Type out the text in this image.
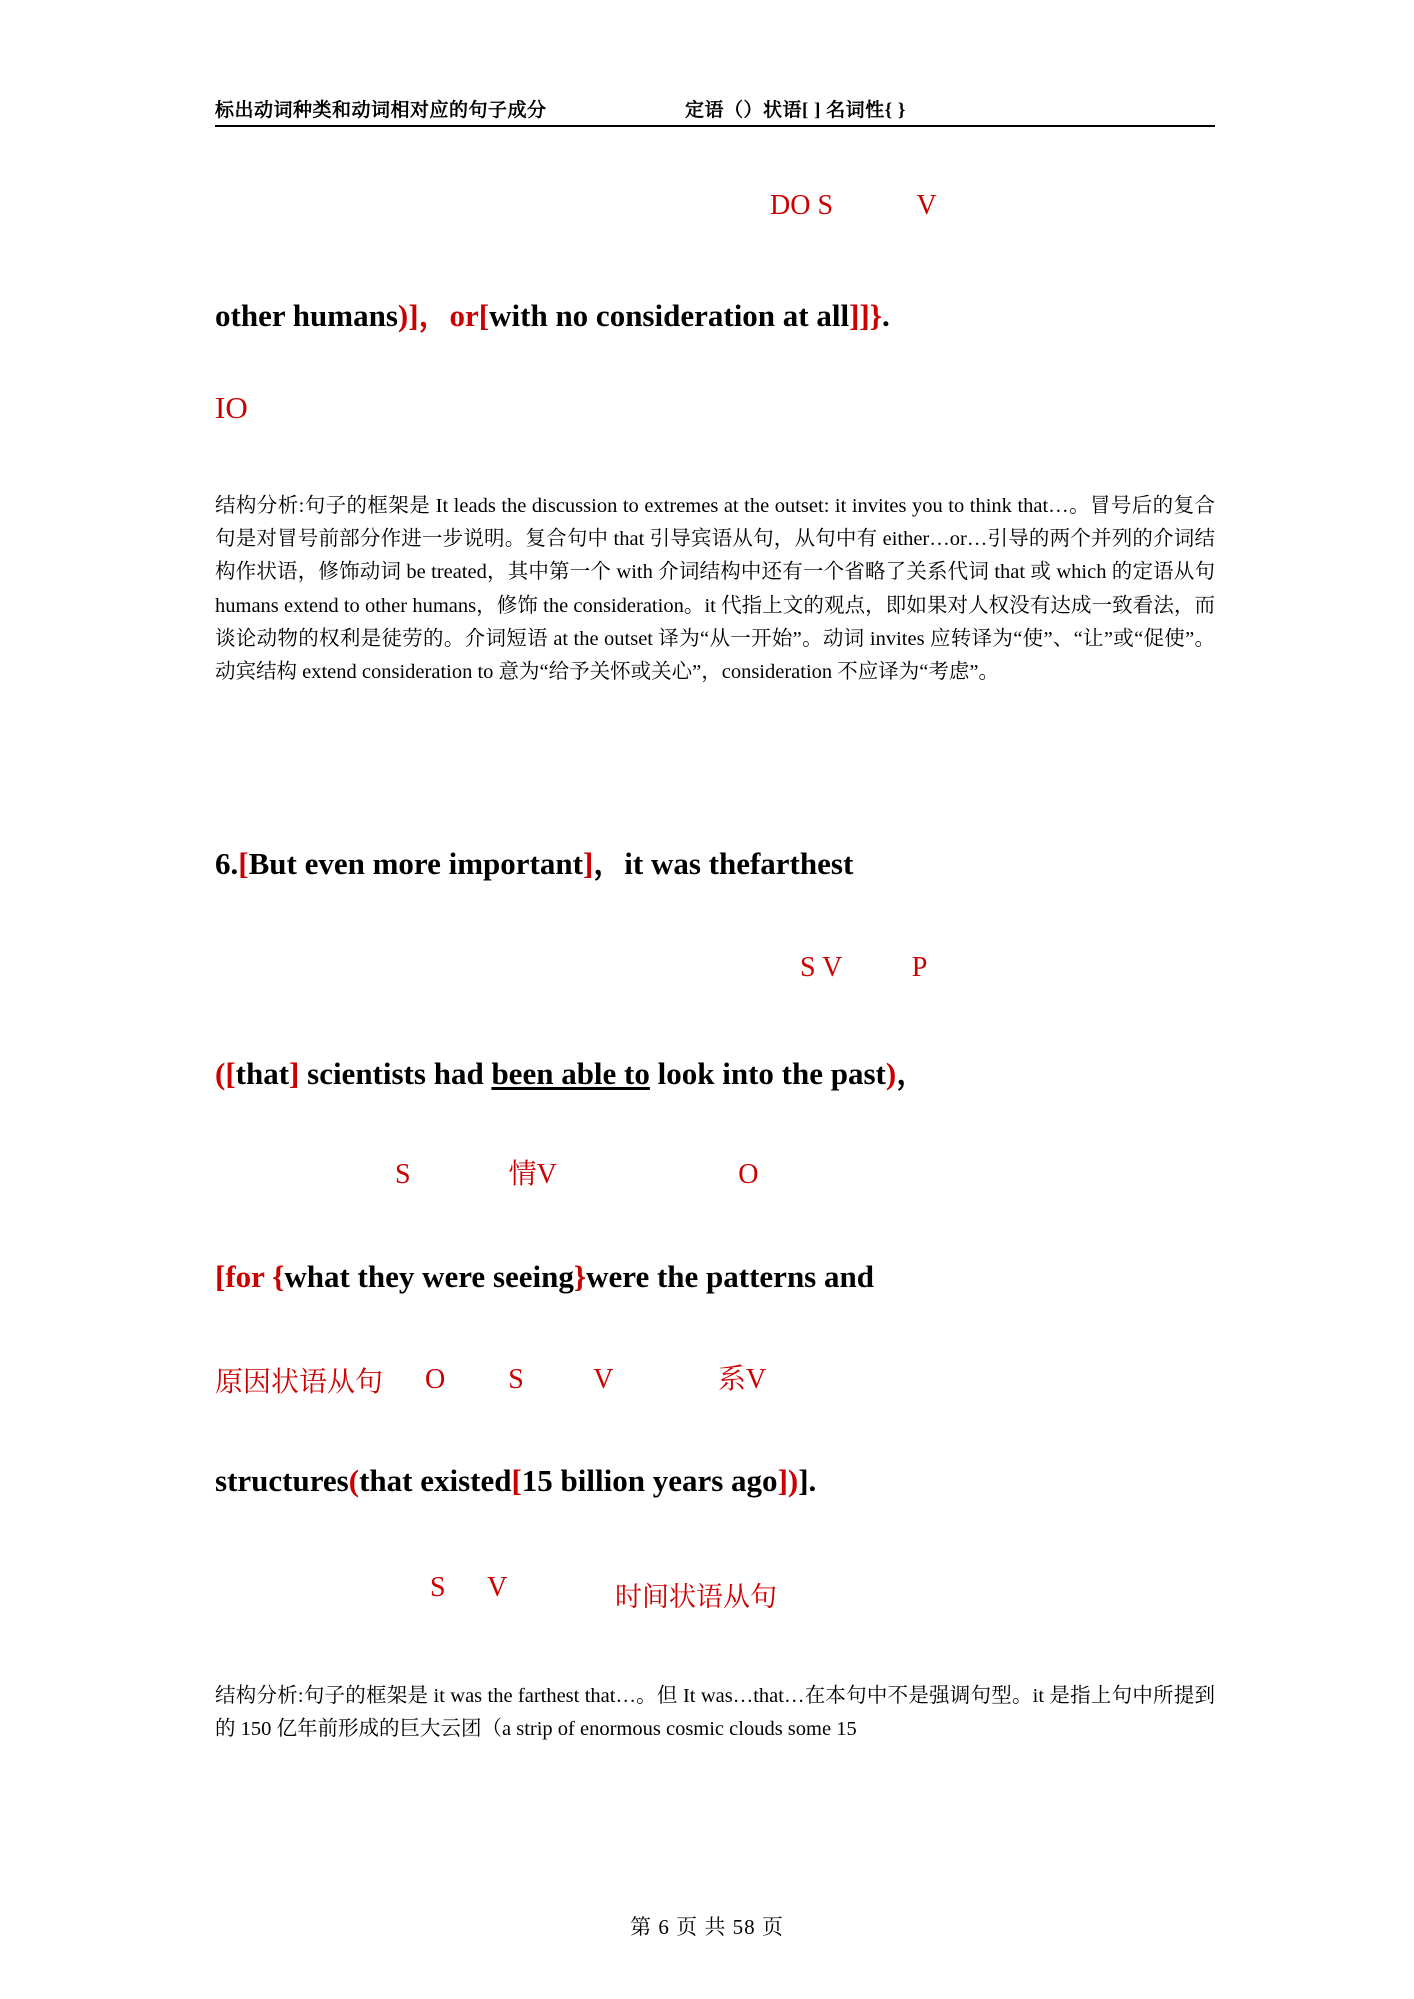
标出动词种类和动词相对应的句子成分	定语（）状语[ ] 名词性{ }
DO S            V
other humans)]，or[with no consideration at all]]}.
IO
结构分析:句子的框架是 It leads the discussion to extremes at the outset: it invites you to think that…。冒号后的复合句是对冒号前部分作进一步说明。复合句中 that 引导宾语从句，从句中有 either…or…引导的两个并列的介词结构作状语，修饰动词 be treated，其中第一个 with 介词结构中还有一个省略了关系代词 that 或 which 的定语从句 humans extend to other humans，修饰 the consideration。it 代指上文的观点，即如果对人权没有达成一致看法，而谈论动物的权利是徒劳的。介词短语 at the outset 译为“从一开始”。动词 invites 应转译为“使”、“让”或“促使”。动宾结构 extend consideration to 意为“给予关怀或关心”，consideration 不应译为“考虑”。
6.[But even more important]，it was thefarthest
S V          P
([that] scientists had been able to look into the past)，
S              情V                          O
[for {what they were seeing}were the patterns and
原因状语从句 O         S          V               系V
structures(that existed[15 billion years ago])].
S      V	时间状语从句
结构分析:句子的框架是 it was the farthest that…。但 It was…that…在本句中不是强调句型。it 是指上句中所提到的 150 亿年前形成的巨大云团（a strip of enormous cosmic clouds some 15
第 6 页 共 58 页
